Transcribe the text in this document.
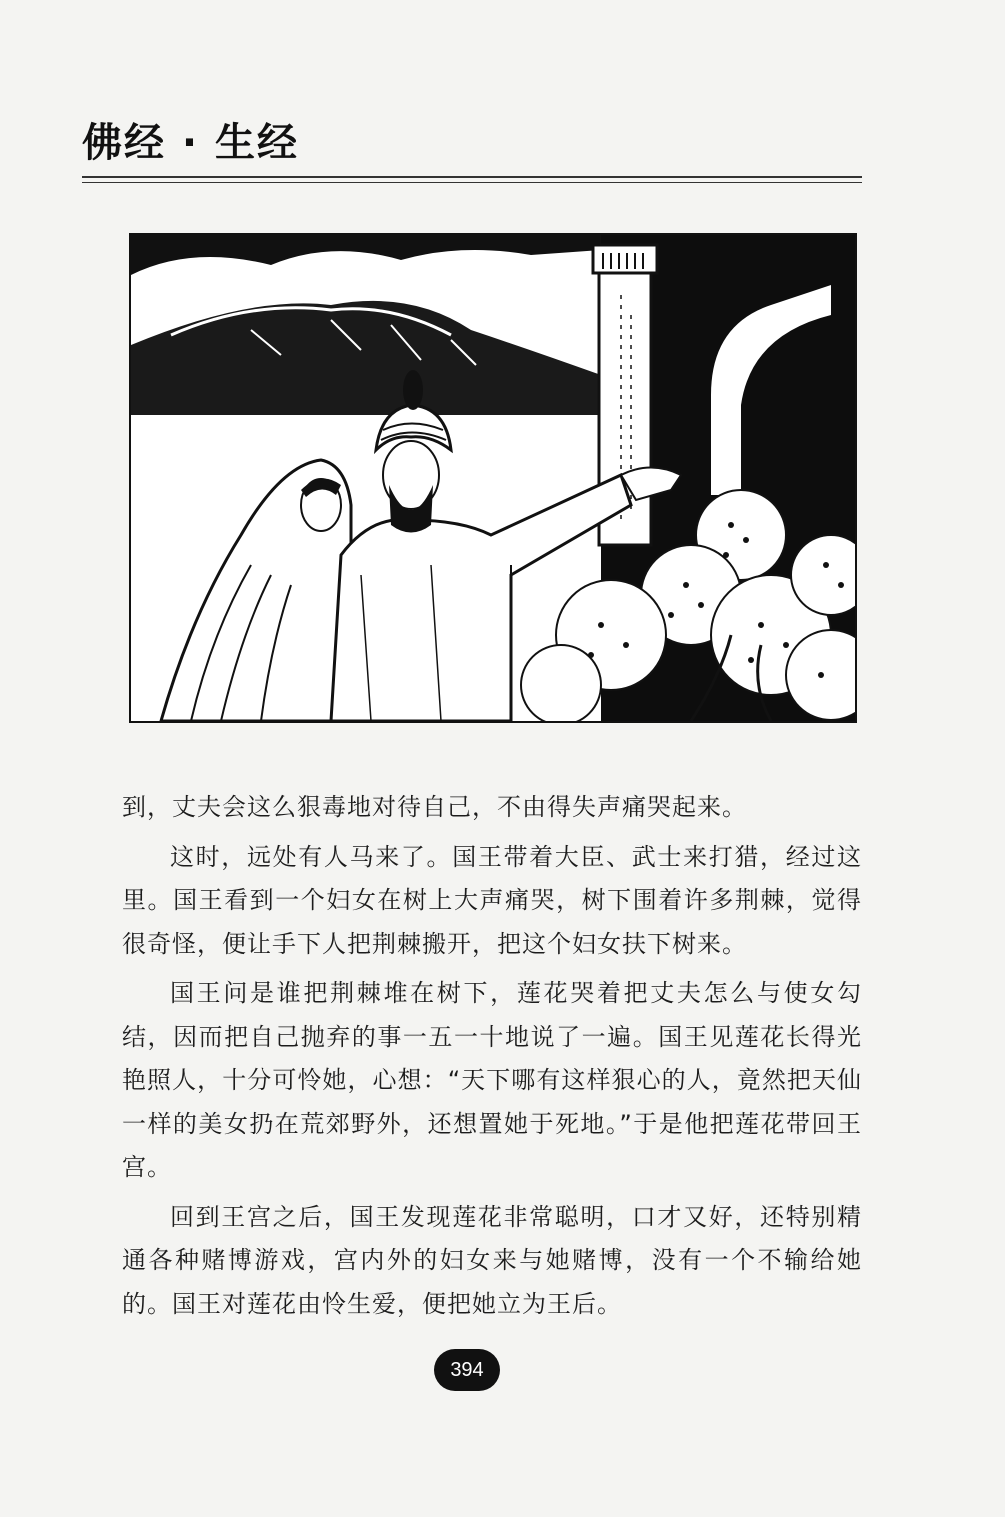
佛经 · 生经

到，丈夫会这么狠毒地对待自己，不由得失声痛哭起来。

这时，远处有人马来了。国王带着大臣、武士来打猎，经过这里。国王看到一个妇女在树上大声痛哭，树下围着许多荆棘，觉得很奇怪，便让手下人把荆棘搬开，把这个妇女扶下树来。

国王问是谁把荆棘堆在树下，莲花哭着把丈夫怎么与使女勾结，因而把自己抛弃的事一五一十地说了一遍。国王见莲花长得光艳照人，十分可怜她，心想：“天下哪有这样狠心的人，竟然把天仙一样的美女扔在荒郊野外，还想置她于死地。”于是他把莲花带回王宫。

回到王宫之后，国王发现莲花非常聪明，口才又好，还特别精通各种赌博游戏，宫内外的妇女来与她赌博，没有一个不输给她的。国王对莲花由怜生爱，便把她立为王后。

394
